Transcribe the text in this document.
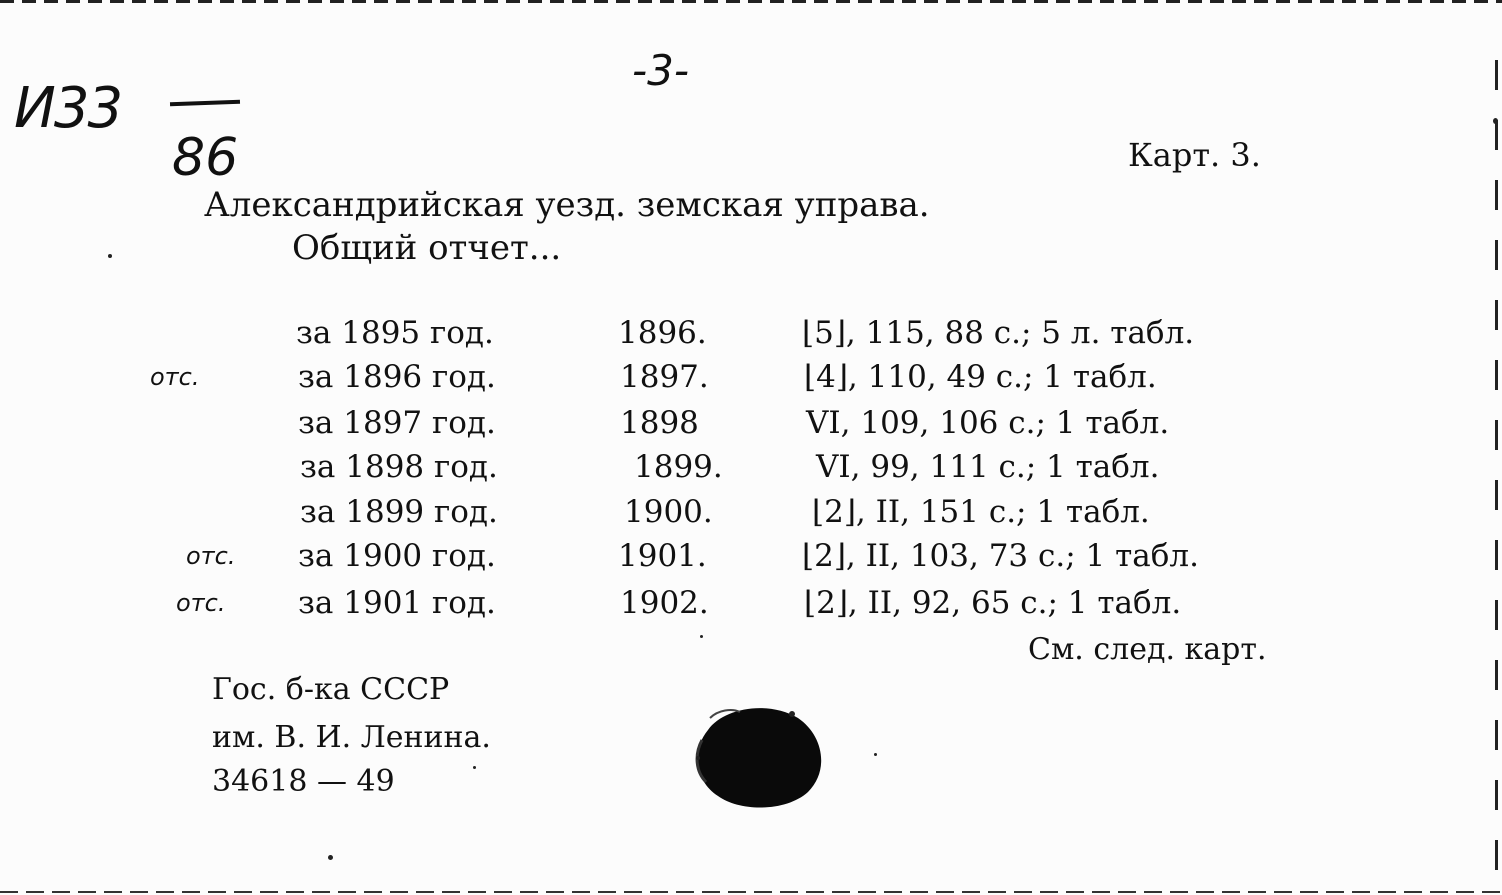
-3-
И33
86	Карт. 3.
Александрийская уезд. земская управа.
Общий отчет...
за 1895 год.	1896.	⌊5⌋, 115, 88 с.; 5 л. табл.
отс.	за 1896 год.	1897.	⌊4⌋, 110, 49 с.; 1 табл.
за 1897 год.	1898	VI, 109, 106 с.; 1 табл.
за 1898 год.	1899.	VI, 99, 111 с.; 1 табл.
за 1899 год.	1900.	⌊2⌋, II, 151 с.; 1 табл.
отс. за 1900 год.	1901.	⌊2⌋, II, 103, 73 с.; 1 табл.
отс. за 1901 год.	1902.	⌊2⌋, II, 92, 65 с.; 1 табл.
См. след. карт.
Гос. б-ка СССР
им. В. И. Ленина.
34618 — 49
